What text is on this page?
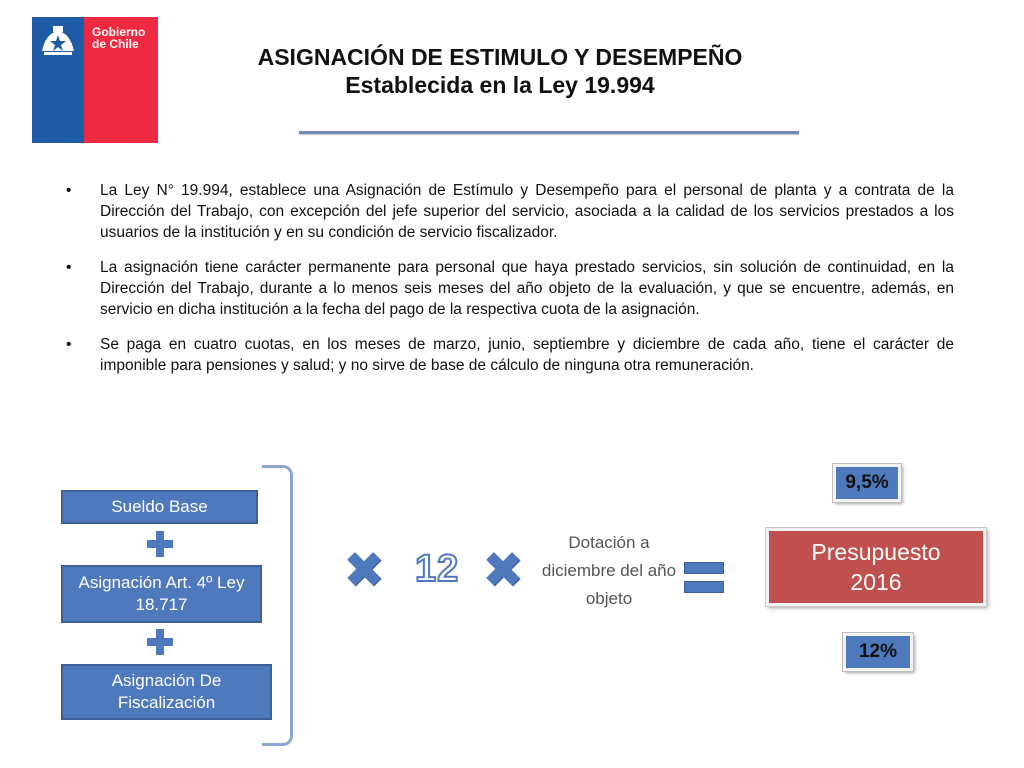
Gobierno
de Chile	ASIGNACIÓN DE ESTIMULO Y DESEMPEÑO
Establecida en la Ley 19.994
• La Ley N° 19.994, establece una Asignación de Estímulo y Desempeño para el personal de planta y a contrata de la Dirección del Trabajo, con excepción del jefe superior del servicio, asociada a la calidad de los servicios prestados a los usuarios de la institución y en su condición de servicio fiscalizador.
• La asignación tiene carácter permanente para personal que haya prestado servicios, sin solución de continuidad, en la Dirección del Trabajo, durante a lo menos seis meses del año objeto de la evaluación, y que se encuentre, además, en servicio en dicha institución a la fecha del pago de la respectiva cuota de la asignación.
• Se paga en cuatro cuotas, en los meses de marzo, junio, septiembre y diciembre de cada año, tiene el carácter de imponible para pensiones y salud; y no sirve de base de cálculo de ninguna otra remuneración.
Sueldo Base
Asignación Art. 4º Ley 18.717
Asignación De Fiscalización
✖ 12 ✖	Dotación a diciembre del año objeto
9,5%
Presupuesto
2016
12%
